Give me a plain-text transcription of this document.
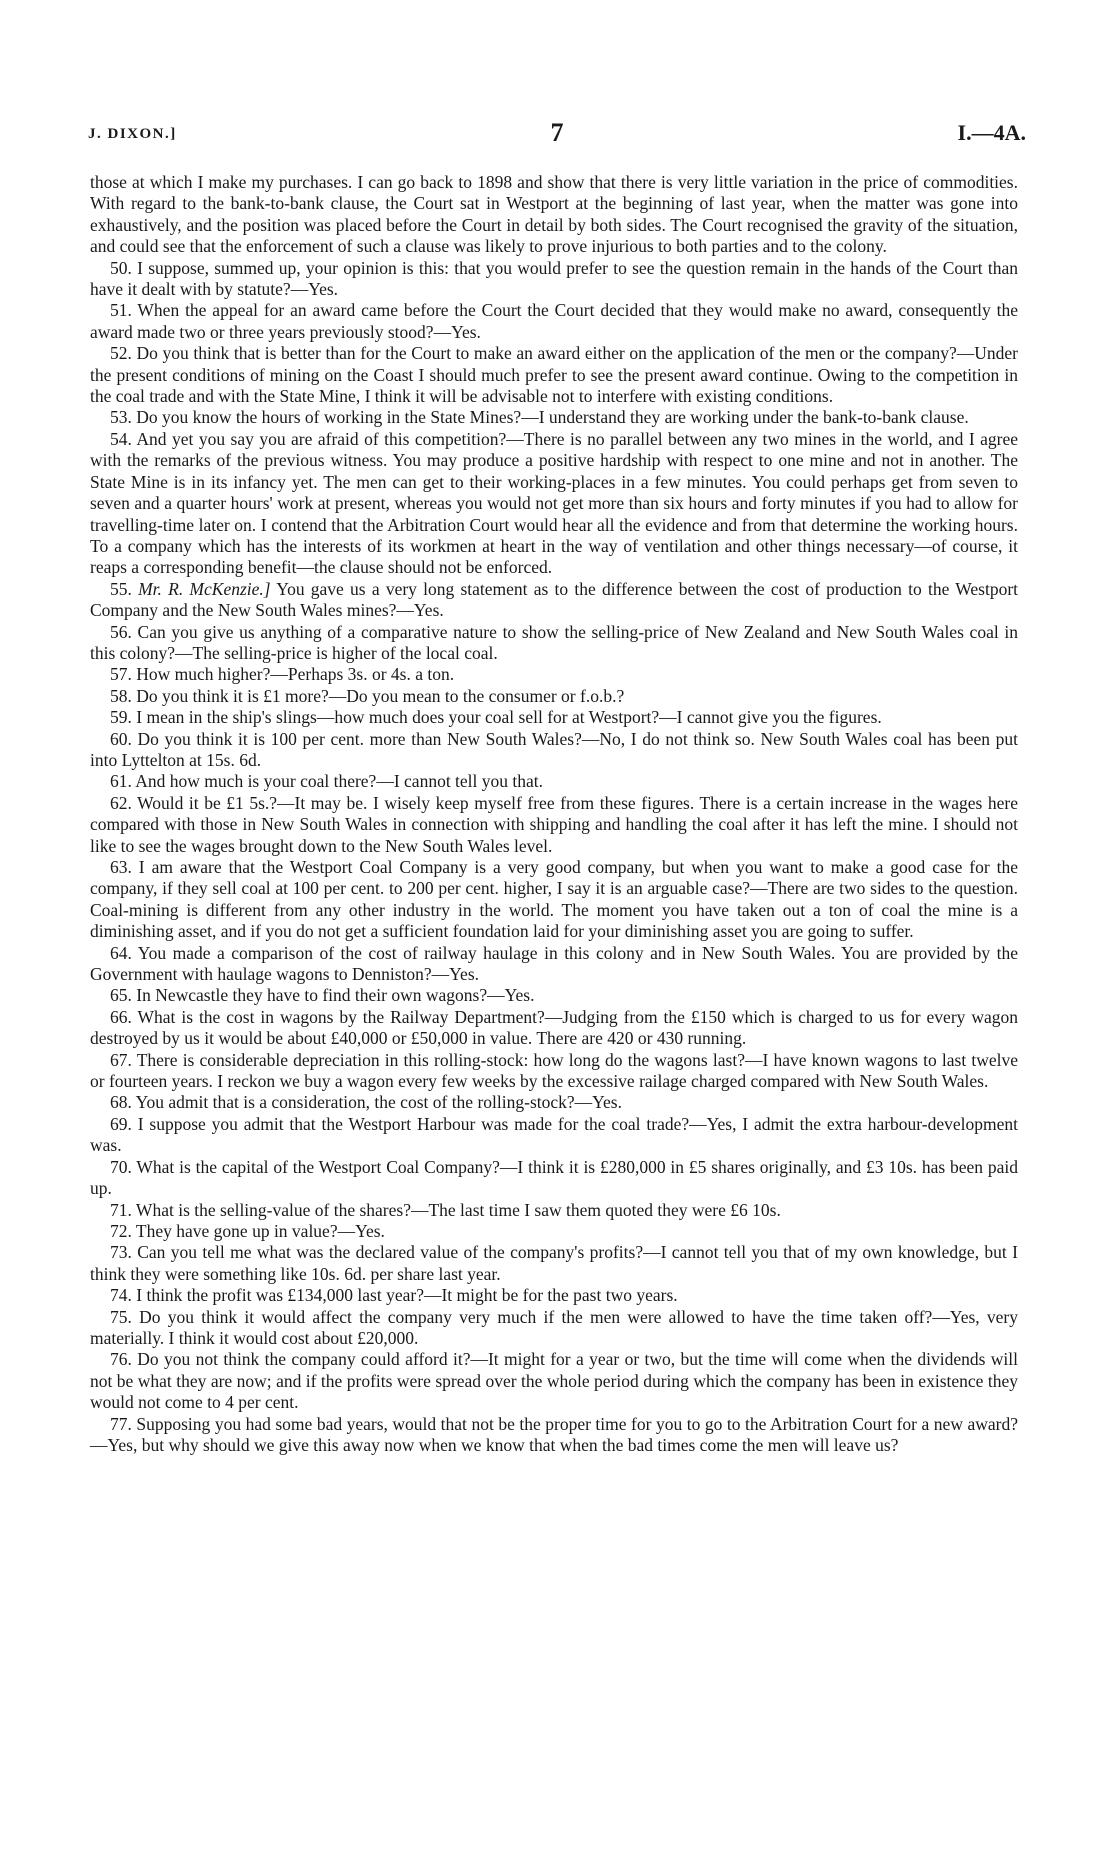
J. DIXON.]	7	I.—4A.

those at which I make my purchases. I can go back to 1898 and show that there is very little variation in the price of commodities. With regard to the bank-to-bank clause, the Court sat in Westport at the beginning of last year, when the matter was gone into exhaustively, and the position was placed before the Court in detail by both sides. The Court recognised the gravity of the situation, and could see that the enforcement of such a clause was likely to prove injurious to both parties and to the colony.

50. I suppose, summed up, your opinion is this: that you would prefer to see the question remain in the hands of the Court than have it dealt with by statute?—Yes.

51. When the appeal for an award came before the Court the Court decided that they would make no award, consequently the award made two or three years previously stood?—Yes.

52. Do you think that is better than for the Court to make an award either on the application of the men or the company?—Under the present conditions of mining on the Coast I should much prefer to see the present award continue. Owing to the competition in the coal trade and with the State Mine, I think it will be advisable not to interfere with existing conditions.

53. Do you know the hours of working in the State Mines?—I understand they are working under the bank-to-bank clause.

54. And yet you say you are afraid of this competition?—There is no parallel between any two mines in the world, and I agree with the remarks of the previous witness. You may produce a positive hardship with respect to one mine and not in another. The State Mine is in its infancy yet. The men can get to their working-places in a few minutes. You could perhaps get from seven to seven and a quarter hours' work at present, whereas you would not get more than six hours and forty minutes if you had to allow for travelling-time later on. I contend that the Arbitration Court would hear all the evidence and from that determine the working hours. To a company which has the interests of its workmen at heart in the way of ventilation and other things necessary—of course, it reaps a corresponding benefit—the clause should not be enforced.

55. Mr. R. McKenzie.] You gave us a very long statement as to the difference between the cost of production to the Westport Company and the New South Wales mines?—Yes.

56. Can you give us anything of a comparative nature to show the selling-price of New Zealand and New South Wales coal in this colony?—The selling-price is higher of the local coal.

57. How much higher?—Perhaps 3s. or 4s. a ton.

58. Do you think it is £1 more?—Do you mean to the consumer or f.o.b.?

59. I mean in the ship's slings—how much does your coal sell for at Westport?—I cannot give you the figures.

60. Do you think it is 100 per cent. more than New South Wales?—No, I do not think so. New South Wales coal has been put into Lyttelton at 15s. 6d.

61. And how much is your coal there?—I cannot tell you that.

62. Would it be £1 5s.?—It may be. I wisely keep myself free from these figures. There is a certain increase in the wages here compared with those in New South Wales in connection with shipping and handling the coal after it has left the mine. I should not like to see the wages brought down to the New South Wales level.

63. I am aware that the Westport Coal Company is a very good company, but when you want to make a good case for the company, if they sell coal at 100 per cent. to 200 per cent. higher, I say it is an arguable case?—There are two sides to the question. Coal-mining is different from any other industry in the world. The moment you have taken out a ton of coal the mine is a diminishing asset, and if you do not get a sufficient foundation laid for your diminishing asset you are going to suffer.

64. You made a comparison of the cost of railway haulage in this colony and in New South Wales. You are provided by the Government with haulage wagons to Denniston?—Yes.

65. In Newcastle they have to find their own wagons?—Yes.

66. What is the cost in wagons by the Railway Department?—Judging from the £150 which is charged to us for every wagon destroyed by us it would be about £40,000 or £50,000 in value. There are 420 or 430 running.

67. There is considerable depreciation in this rolling-stock: how long do the wagons last?—I have known wagons to last twelve or fourteen years. I reckon we buy a wagon every few weeks by the excessive railage charged compared with New South Wales.

68. You admit that is a consideration, the cost of the rolling-stock?—Yes.

69. I suppose you admit that the Westport Harbour was made for the coal trade?—Yes, I admit the extra harbour-development was.

70. What is the capital of the Westport Coal Company?—I think it is £280,000 in £5 shares originally, and £3 10s. has been paid up.

71. What is the selling-value of the shares?—The last time I saw them quoted they were £6 10s.

72. They have gone up in value?—Yes.

73. Can you tell me what was the declared value of the company's profits?—I cannot tell you that of my own knowledge, but I think they were something like 10s. 6d. per share last year.

74. I think the profit was £134,000 last year?—It might be for the past two years.

75. Do you think it would affect the company very much if the men were allowed to have the time taken off?—Yes, very materially. I think it would cost about £20,000.

76. Do you not think the company could afford it?—It might for a year or two, but the time will come when the dividends will not be what they are now; and if the profits were spread over the whole period during which the company has been in existence they would not come to 4 per cent.

77. Supposing you had some bad years, would that not be the proper time for you to go to the Arbitration Court for a new award?—Yes, but why should we give this away now when we know that when the bad times come the men will leave us?
